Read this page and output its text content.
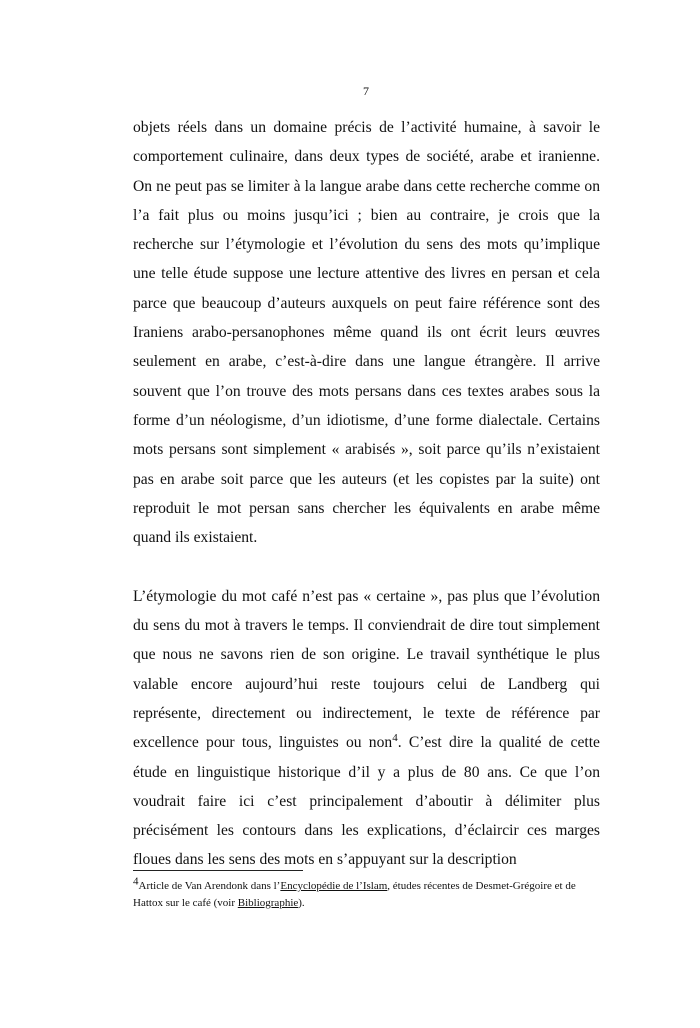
7

objets réels dans un domaine précis de l’activité humaine, à savoir le comportement culinaire, dans deux types de société, arabe et iranienne. On ne peut pas se limiter à la langue arabe dans cette recherche comme on l’a fait plus ou moins jusqu’ici ; bien au contraire, je crois que la recherche sur l’étymologie et l’évolution du sens des mots qu’implique une telle étude suppose une lecture attentive des livres en persan et cela parce que beaucoup d’auteurs auxquels on peut faire référence sont des Iraniens arabo-persanophones même quand ils ont écrit leurs œuvres seulement en arabe, c’est-à-dire dans une langue étrangère. Il arrive souvent que l’on trouve des mots persans dans ces textes arabes sous la forme d’un néologisme, d’un idiotisme, d’une forme dialectale. Certains mots persans sont simplement « arabisés », soit parce qu’ils n’existaient pas en arabe soit parce que les auteurs (et les copistes par la suite) ont reproduit le mot persan sans chercher les équivalents en arabe même quand ils existaient.

L’étymologie du mot café n’est pas « certaine », pas plus que l’évolution du sens du mot à travers le temps. Il conviendrait de dire tout simplement que nous ne savons rien de son origine. Le travail synthétique le plus valable encore aujourd’hui reste toujours celui de Landberg qui représente, directement ou indirectement, le texte de référence par excellence pour tous, linguistes ou non$^4$. C’est dire la qualité de cette étude en linguistique historique d’il y a plus de 80 ans. Ce que l’on voudrait faire ici c’est principalement d’aboutir à délimiter plus précisément les contours dans les explications, d’éclaircir ces marges floues dans les sens des mots en s’appuyant sur la description

4Article de Van Arendonk dans l’Encyclopédie de l’Islam, études récentes de Desmet-Grégoire et de Hattox sur le café (voir Bibliographie).
